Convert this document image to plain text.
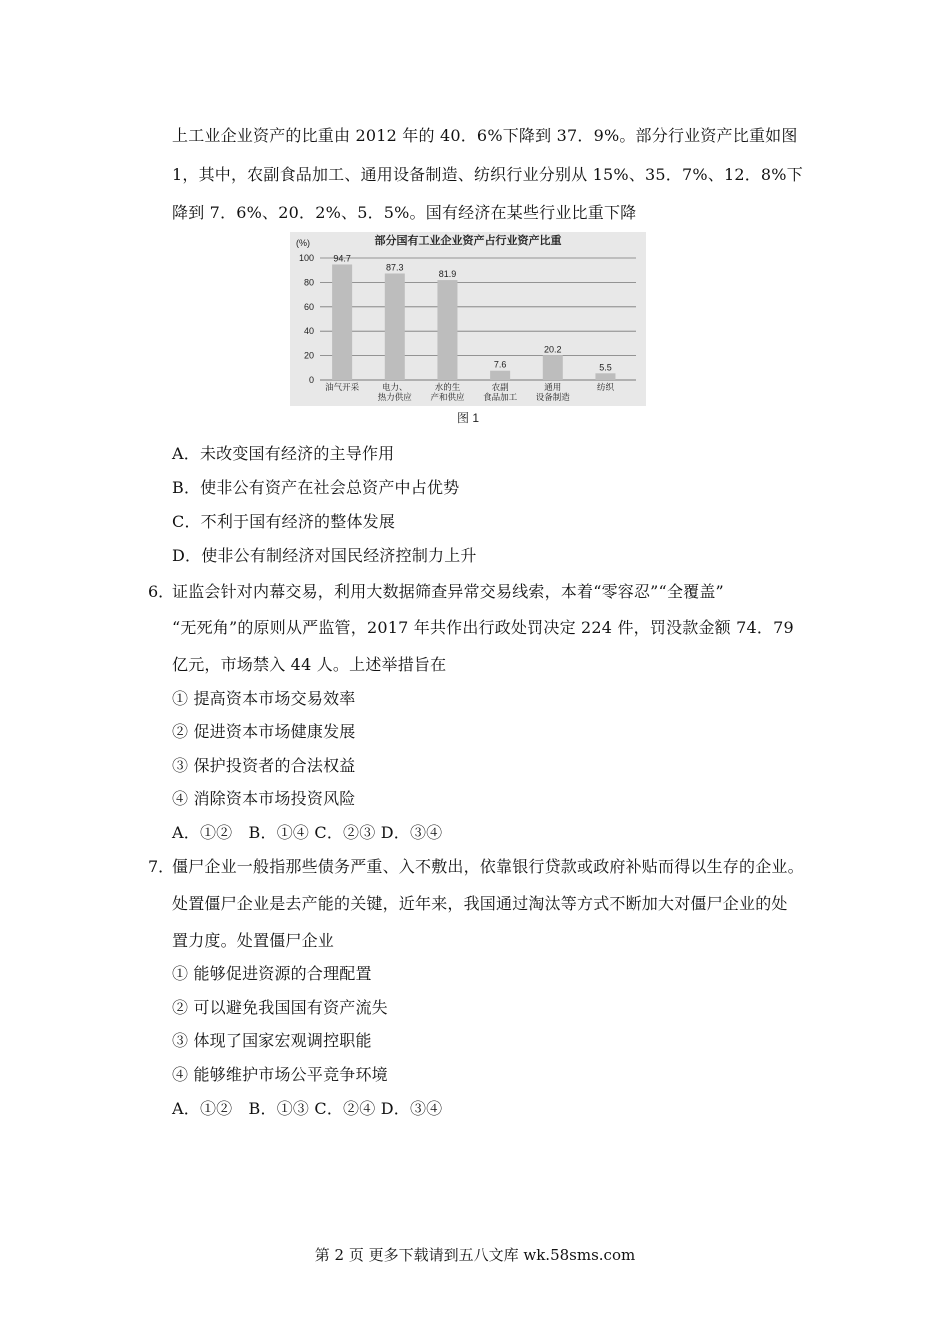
上工业企业资产的比重由 2012 年的 40．6%下降到 37．9%。部分行业资产比重如图
1，其中，农副食品加工、通用设备制造、纺织行业分别从 15%、35．7%、12．8%下
降到 7．6%、20．2%、5．5%。国有经济在某些行业比重下降
部分国有工业企业资产占行业资产比重
(%)
0
20
40
60
80
100 94.7
87.3
81.9
7.6
20.2
5.5
油气开采	电力、
热力供应
水的生
产和供应
农副
食品加工
通用
设备制造
纺织
图 1
A．未改变国有经济的主导作用
B．使非公有资产在社会总资产中占优势
C．不利于国有经济的整体发展
D．使非公有制经济对国民经济控制力上升
6．
证监会针对内幕交易，利用大数据筛查异常交易线索，本着“零容忍”“全覆盖”
“无死角”的原则从严监管，2017 年共作出行政处罚决定 224 件，罚没款金额 74．79
亿元，市场禁入 44 人。上述举措旨在
① 提高资本市场交易效率
② 促进资本市场健康发展
③ 保护投资者的合法权益
④ 消除资本市场投资风险
A．①②　B．①④ C．②③ D．③④
7．
僵尸企业一般指那些债务严重、入不敷出，依靠银行贷款或政府补贴而得以生存的企业。
处置僵尸企业是去产能的关键，近年来，我国通过淘汰等方式不断加大对僵尸企业的处
置力度。处置僵尸企业
① 能够促进资源的合理配置
② 可以避免我国国有资产流失
③ 体现了国家宏观调控职能
④ 能够维护市场公平竞争环境
A．①②　B．①③ C．②④ D．③④
第 2 页 更多下载请到五八文库 wk.58sms.com
